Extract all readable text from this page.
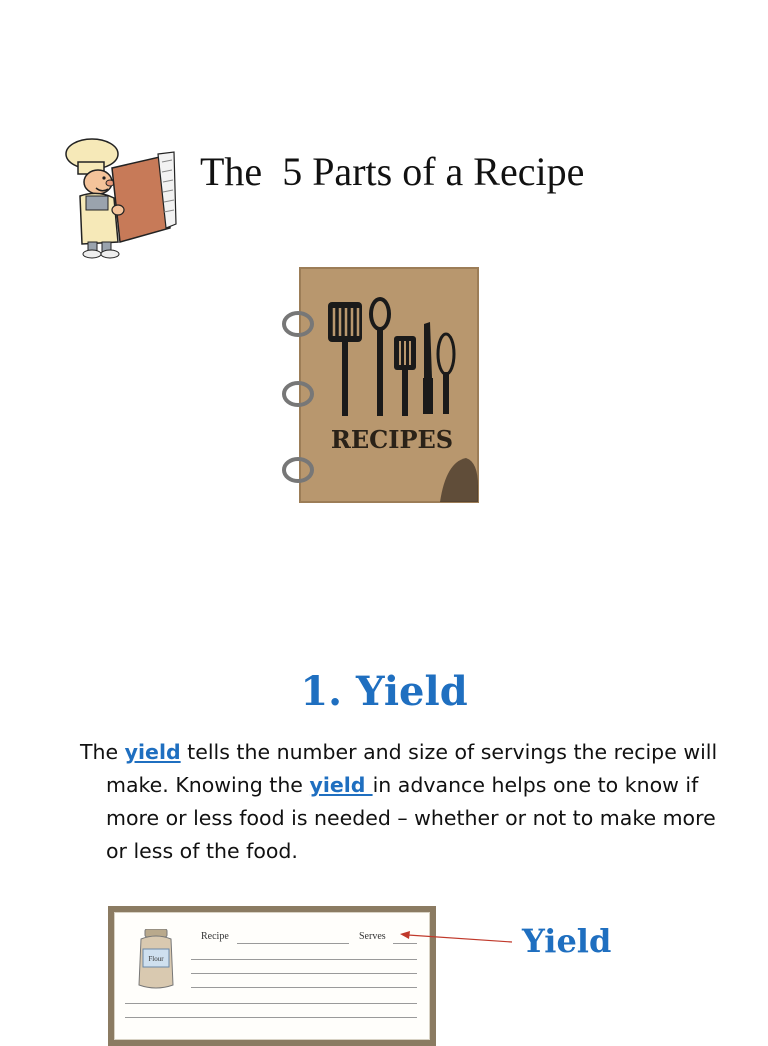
The  5 Parts of a Recipe
RECIPES
1. Yield

The yield tells the number and size of servings the recipe will make. Knowing the yield in advance helps one to know if more or less food is needed – whether or not to make more or less of the food.

Flour
Recipe	Serves	Yield
